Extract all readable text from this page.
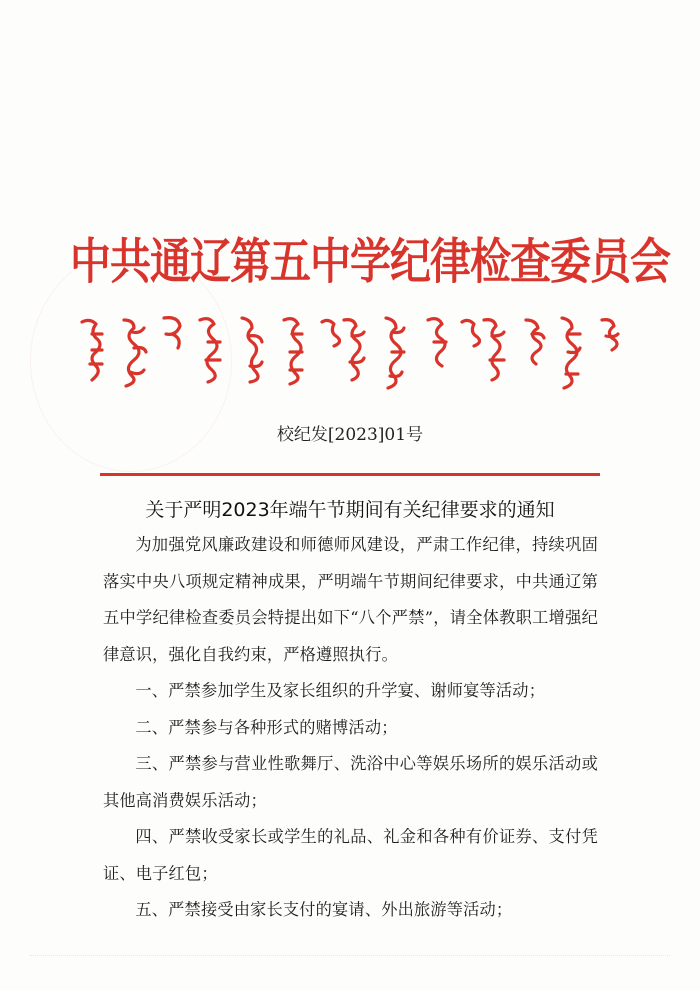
中共通辽第五中学纪律检查委员会
校纪发[2023]01号
关于严明2023年端午节期间有关纪律要求的通知

为加强党风廉政建设和师德师风建设，严肃工作纪律，持续巩固落实中央八项规定精神成果，严明端午节期间纪律要求，中共通辽第五中学纪律检查委员会特提出如下“八个严禁”，请全体教职工增强纪律意识，强化自我约束，严格遵照执行。

一、严禁参加学生及家长组织的升学宴、谢师宴等活动；

二、严禁参与各种形式的赌博活动；

三、严禁参与营业性歌舞厅、洗浴中心等娱乐场所的娱乐活动或其他高消费娱乐活动；

四、严禁收受家长或学生的礼品、礼金和各种有价证券、支付凭证、电子红包；

五、严禁接受由家长支付的宴请、外出旅游等活动；
